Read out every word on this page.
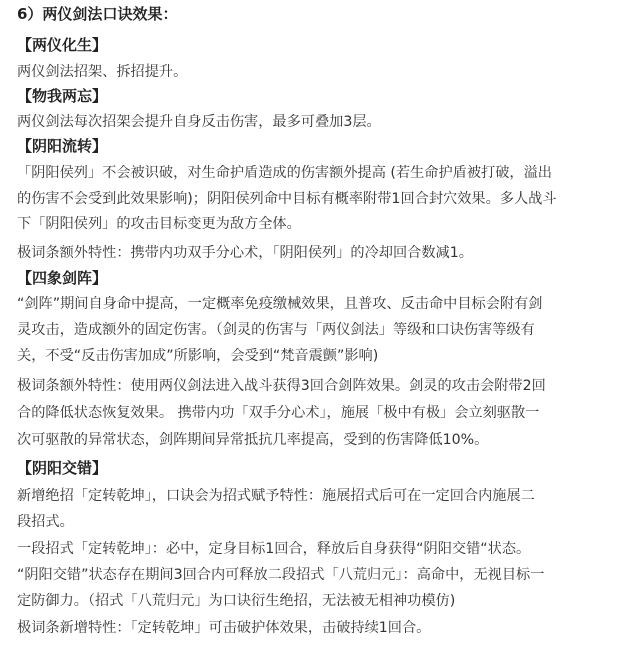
6）两仪剑法口诀效果：
【两仪化生】
两仪剑法招架、拆招提升。
【物我两忘】
两仪剑法每次招架会提升自身反击伤害，最多可叠加3层。
【阴阳流转】
「阴阳侯列」不会被识破，对生命护盾造成的伤害额外提高 (若生命护盾被打破，溢出
的伤害不会受到此效果影响)；阴阳侯列命中目标有概率附带1回合封穴效果。多人战斗
下「阴阳侯列」的攻击目标变更为敌方全体。
极词条额外特性：携带内功双手分心术，「阴阳侯列」的冷却回合数减1。
【四象剑阵】
“剑阵”期间自身命中提高，一定概率免疫缴械效果，且普攻、反击命中目标会附有剑
灵攻击，造成额外的固定伤害。（剑灵的伤害与「两仪剑法」等级和口诀伤害等级有
关，不受“反击伤害加成”所影响，会受到“梵音震颤”影响)
极词条额外特性：使用两仪剑法进入战斗获得3回合剑阵效果。剑灵的攻击会附带2回
合的降低状态恢复效果。 携带内功「双手分心术」，施展「极中有极」会立刻驱散一
次可驱散的异常状态，剑阵期间异常抵抗几率提高，受到的伤害降低10%。
【阴阳交错】
新增绝招「定转乾坤」，口诀会为招式赋予特性：施展招式后可在一定回合内施展二
段招式。
一段招式「定转乾坤」：必中，定身目标1回合，释放后自身获得“阴阳交错“状态。
“阴阳交错”状态存在期间3回合内可释放二段招式「八荒归元」：高命中，无视目标一
定防御力。（招式「八荒归元」为口诀衍生绝招，无法被无相神功模仿)
极词条新增特性：「定转乾坤」可击破护体效果，击破持续1回合。
